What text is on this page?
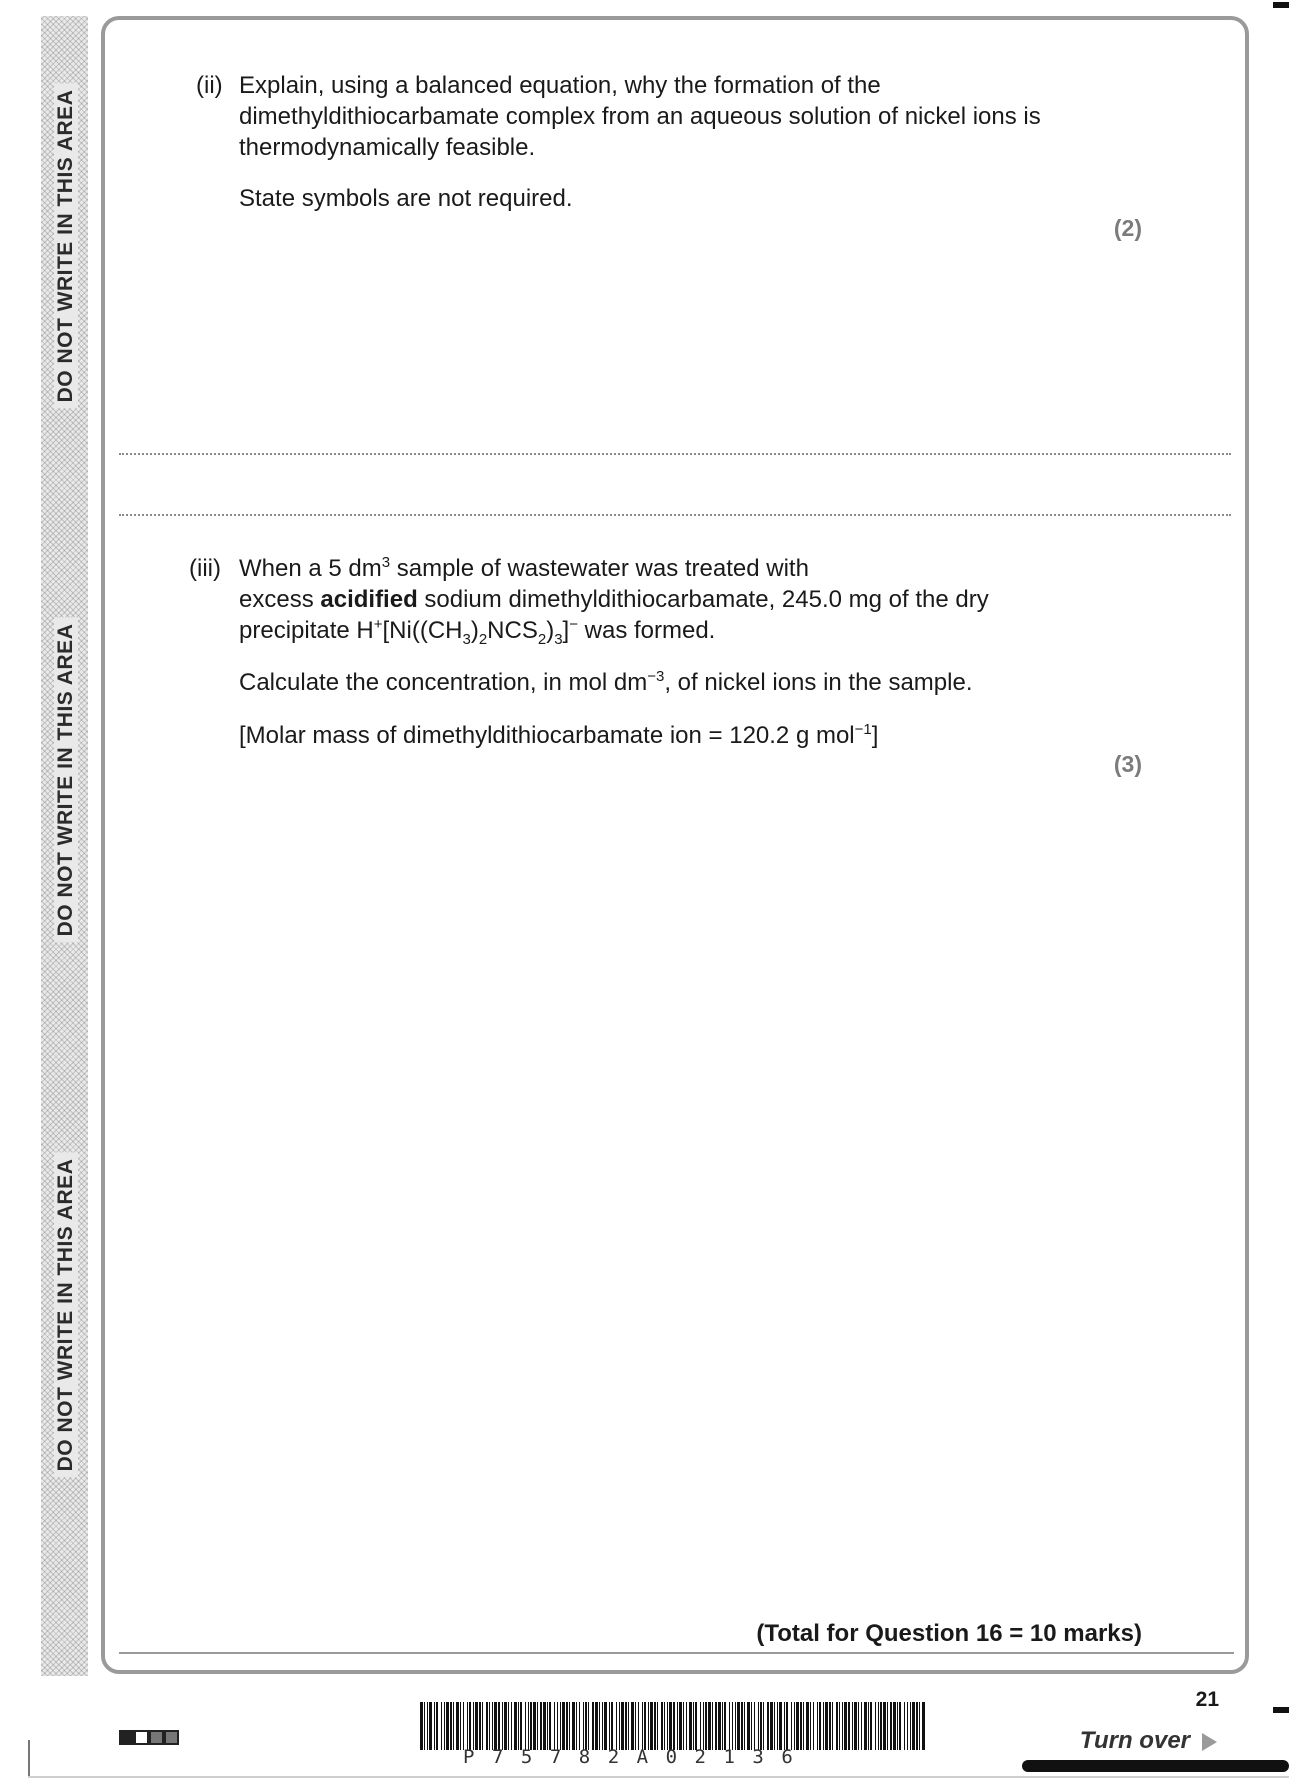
DO NOT WRITE IN THIS AREA
DO NOT WRITE IN THIS AREA
DO NOT WRITE IN THIS AREA
(ii) Explain, using a balanced equation, why the formation of the
dimethyldithiocarbamate complex from an aqueous solution of nickel ions is
thermodynamically feasible.
State symbols are not required.
(2)
(iii) When a 5 $dm^3$ sample of wastewater was treated with
excess acidified sodium dimethyldithiocarbamate, 245.0 mg of the dry
precipitate $H^+[Ni((CH_3)_2NCS_2)_3]^-$ was formed.
Calculate the concentration, in mol $dm^{-3}$, of nickel ions in the sample.
[Molar mass of dimethyldithiocarbamate ion = 120.2 g mol$^{-1}$]
(3)
(Total for Question 16 = 10 marks)
P75782A02136
21
Turn over
